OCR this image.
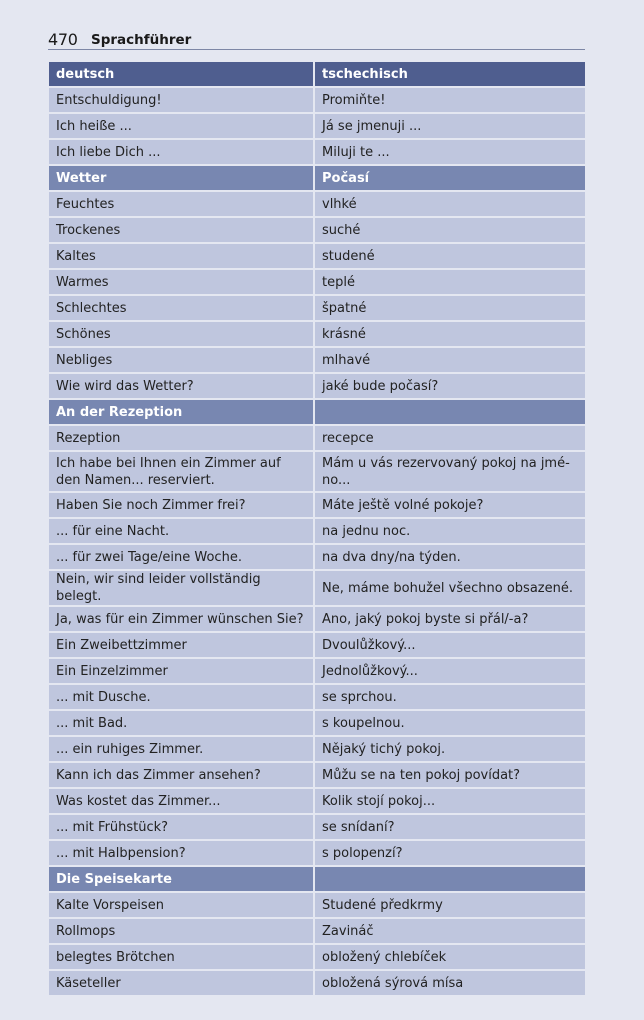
470 Sprachführer
deutsch	tschechisch
Entschuldigung!	Promiňte!
Ich heiße ...	Já se jmenuji ...
Ich liebe Dich ...	Miluji te ...
Wetter	Počasí
Feuchtes	vlhké
Trockenes	suché
Kaltes	studené
Warmes	teplé
Schlechtes	špatné
Schönes	krásné
Nebliges	mlhavé
Wie wird das Wetter?	jaké bude počasí?
An der Rezeption	
Rezeption	recepce
Ich habe bei Ihnen ein Zimmer auf den Namen... reserviert.	Mám u vás rezervovaný pokoj na jmé-no...
Haben Sie noch Zimmer frei?	Máte ještě volné pokoje?
... für eine Nacht.	na jednu noc.
... für zwei Tage/eine Woche.	na dva dny/na týden.
Nein, wir sind leider vollständig belegt.	Ne, máme bohužel všechno obsazené.
Ja, was für ein Zimmer wünschen Sie?	Ano, jaký pokoj byste si přál/-a?
Ein Zweibettzimmer	Dvoulůžkový...
Ein Einzelzimmer	Jednolůžkový...
... mit Dusche.	se sprchou.
... mit Bad.	s koupelnou.
... ein ruhiges Zimmer.	Nějaký tichý pokoj.
Kann ich das Zimmer ansehen?	Můžu se na ten pokoj povídat?
Was kostet das Zimmer...	Kolik stojí pokoj...
... mit Frühstück?	se snídaní?
... mit Halbpension?	s polopenzí?
Die Speisekarte	
Kalte Vorspeisen	Studené předkrmy
Rollmops	Zavináč
belegtes Brötchen	obložený chlebíček
Käseteller	obložená sýrová mísa
